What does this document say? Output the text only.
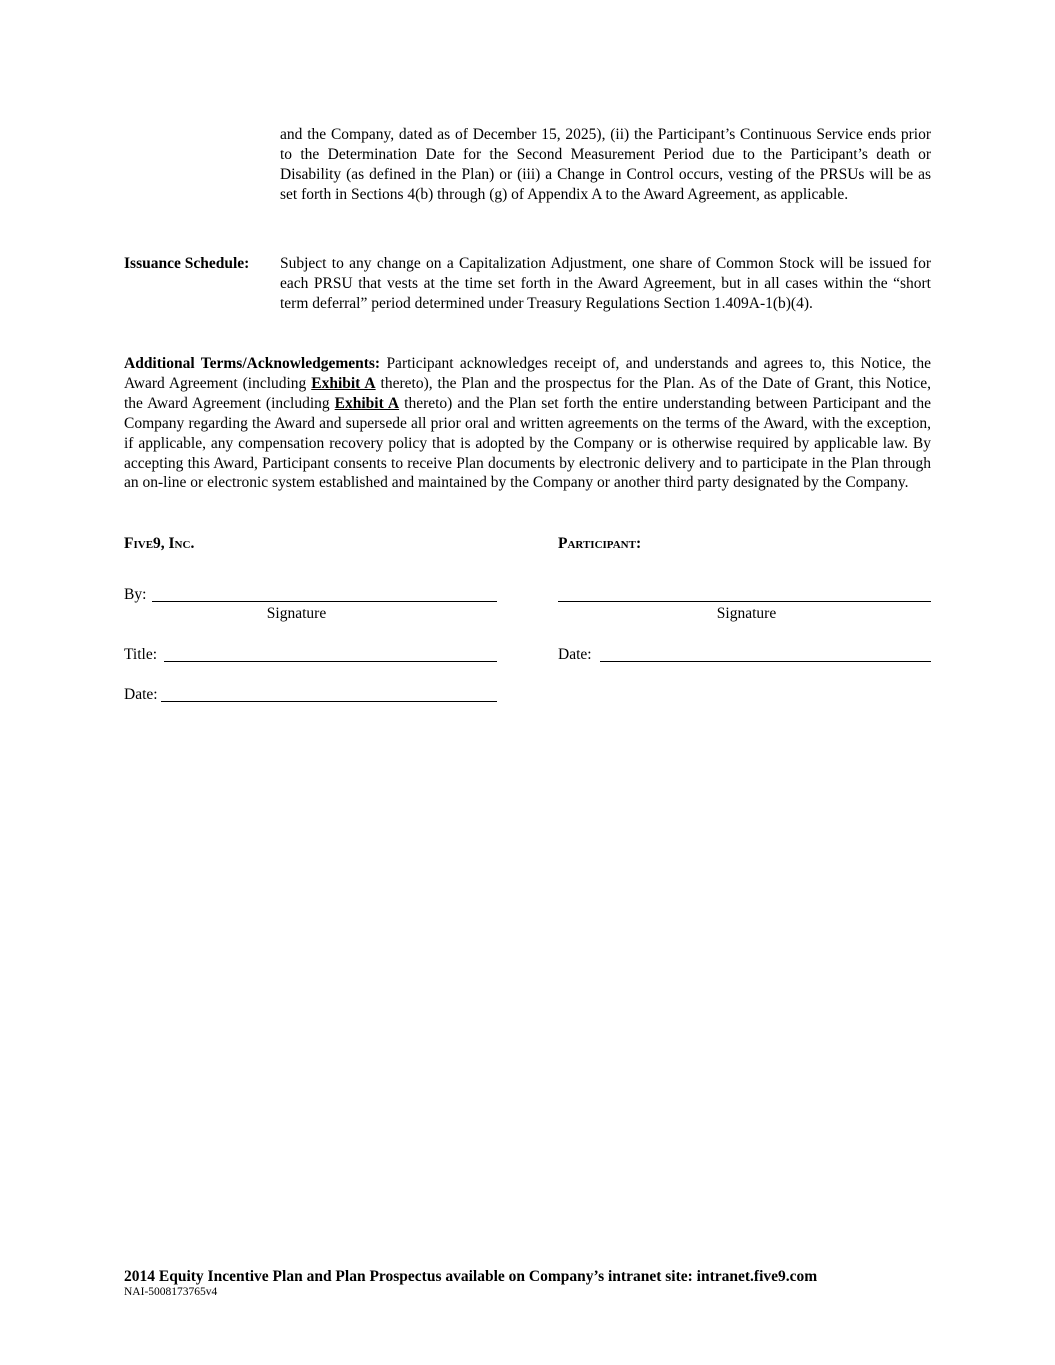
and the Company, dated as of December 15, 2025), (ii) the Participant’s Continuous Service ends prior to the Determination Date for the Second Measurement Period due to the Participant’s death or Disability (as defined in the Plan) or (iii) a Change in Control occurs, vesting of the PRSUs will be as set forth in Sections 4(b) through (g) of Appendix A to the Award Agreement, as applicable.
Issuance Schedule: Subject to any change on a Capitalization Adjustment, one share of Common Stock will be issued for each PRSU that vests at the time set forth in the Award Agreement, but in all cases within the “short term deferral” period determined under Treasury Regulations Section 1.409A-1(b)(4).
Additional Terms/Acknowledgements: Participant acknowledges receipt of, and understands and agrees to, this Notice, the Award Agreement (including Exhibit A thereto), the Plan and the prospectus for the Plan. As of the Date of Grant, this Notice, the Award Agreement (including Exhibit A thereto) and the Plan set forth the entire understanding between Participant and the Company regarding the Award and supersede all prior oral and written agreements on the terms of the Award, with the exception, if applicable, any compensation recovery policy that is adopted by the Company or is otherwise required by applicable law. By accepting this Award, Participant consents to receive Plan documents by electronic delivery and to participate in the Plan through an on-line or electronic system established and maintained by the Company or another third party designated by the Company.
Five9, Inc.	Participant:
By:
Signature
Title:
Date:
Signature
Date:
2014 Equity Incentive Plan and Plan Prospectus available on Company’s intranet site: intranet.five9.com
NAI-5008173765v4
